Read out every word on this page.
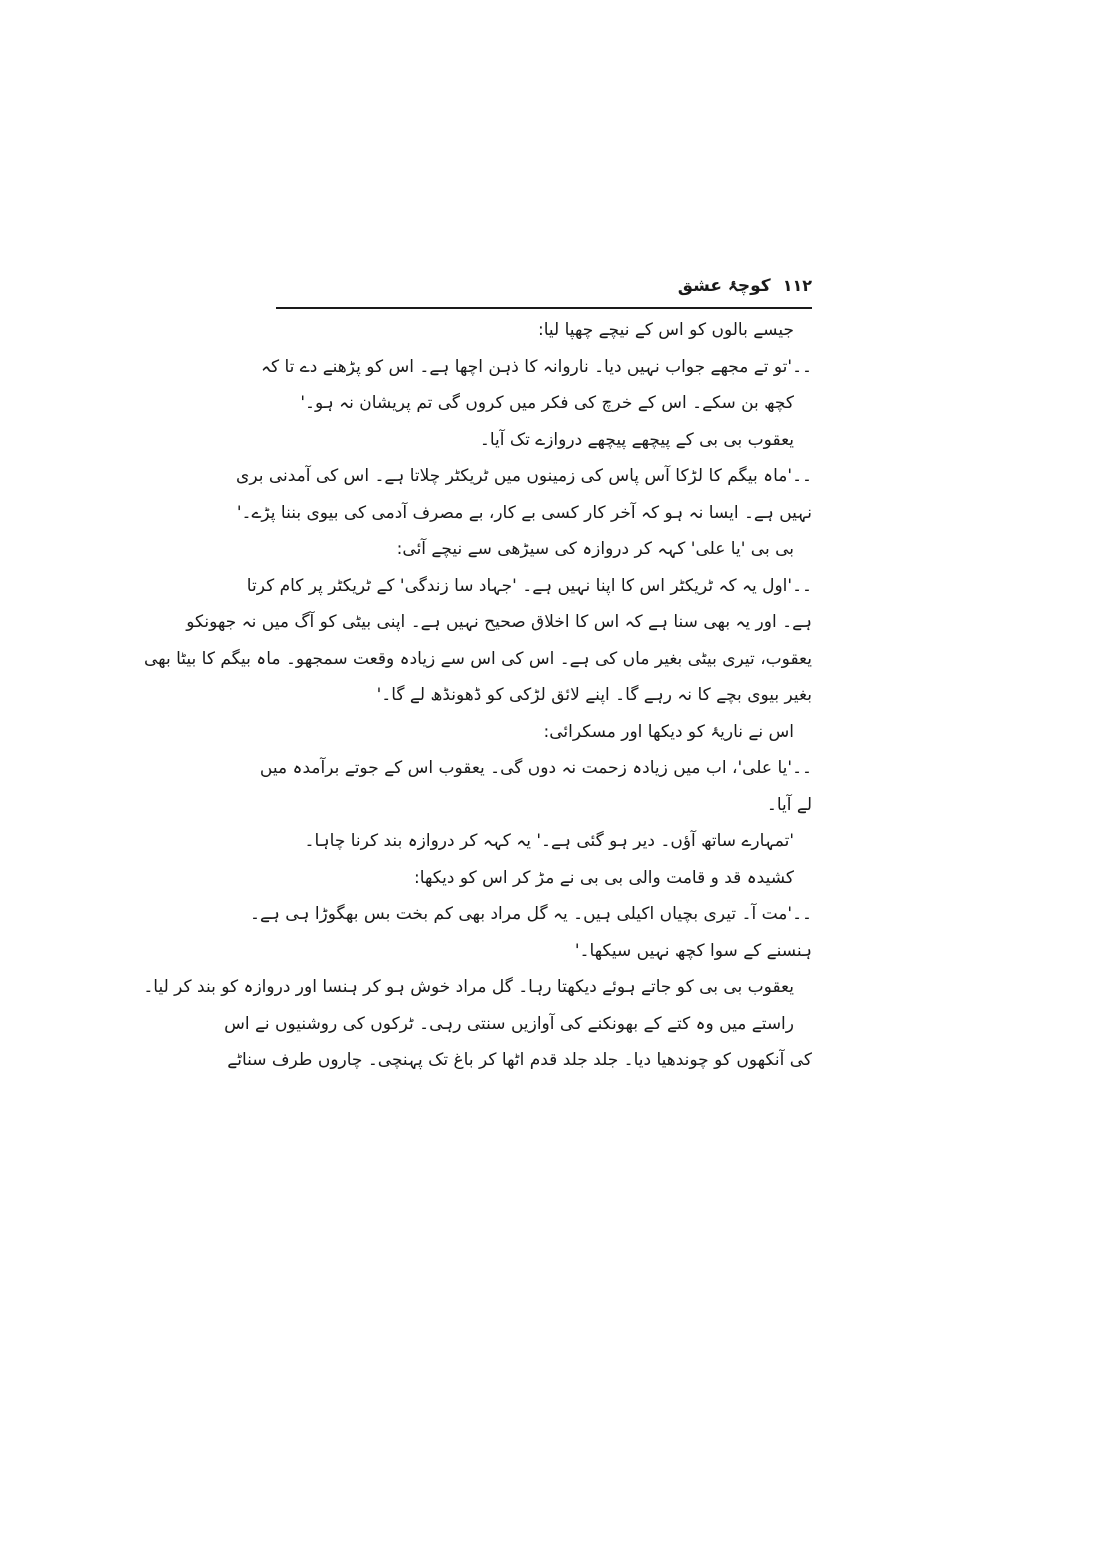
١١٢
کوچۂ عشق
جیسے بالوں کو اس کے نیچے چھپا لیا:
۔۔'تو تے مجھے جواب نہیں دیا۔ ناروانہ کا ذہن اچھا ہے۔ اس کو پڑھنے دے تا کہ
کچھ بن سکے۔ اس کے خرچ کی فکر میں کروں گی تم پریشان نہ ہو۔'
یعقوب بی بی کے پیچھے پیچھے دروازے تک آیا۔
۔۔'ماہ بیگم کا لڑکا آس پاس کی زمینوں میں ٹریکٹر چلاتا ہے۔ اس کی آمدنی بری
نہیں ہے۔ ایسا نہ ہو کہ آخر کار کسی بے کار، بے مصرف آدمی کی بیوی بننا پڑے۔'
بی بی 'یا علی' کہہ کر دروازہ کی سیڑھی سے نیچے آئی:
۔۔'اول یہ کہ ٹریکٹر اس کا اپنا نہیں ہے۔ 'جہاد سا زندگی' کے ٹریکٹر پر کام کرتا
ہے۔ اور یہ بھی سنا ہے کہ اس کا اخلاق صحیح نہیں ہے۔ اپنی بیٹی کو آگ میں نہ جھونکو
یعقوب، تیری بیٹی بغیر ماں کی ہے۔ اس کی اس سے زیادہ وقعت سمجھو۔ ماہ بیگم کا بیٹا بھی
بغیر بیوی بچے کا نہ رہے گا۔ اپنے لائق لڑکی کو ڈھونڈھ لے گا۔'
اس نے ناریۂ کو دیکھا اور مسکرائی:
۔۔'یا علی'، اب میں زیادہ زحمت نہ دوں گی۔ یعقوب اس کے جوتے برآمدہ میں
لے آیا۔
'تمہارے ساتھ آؤں۔ دیر ہو گئی ہے۔' یہ کہہ کر دروازہ بند کرنا چاہا۔
کشیدہ قد و قامت والی بی بی نے مڑ کر اس کو دیکھا:
۔۔'مت آ۔ تیری بچیاں اکیلی ہیں۔ یہ گل مراد بھی کم بخت بس بھگوڑا ہی ہے۔
ہنسنے کے سوا کچھ نہیں سیکھا۔'
یعقوب بی بی کو جاتے ہوئے دیکھتا رہا۔ گل مراد خوش ہو کر ہنسا اور دروازہ کو بند کر لیا۔
راستے میں وہ کتے کے بھونکنے کی آوازیں سنتی رہی۔ ٹرکوں کی روشنیوں نے اس
کی آنکھوں کو چوندھیا دیا۔ جلد جلد قدم اٹھا کر باغ تک پہنچی۔ چاروں طرف سناٹے
